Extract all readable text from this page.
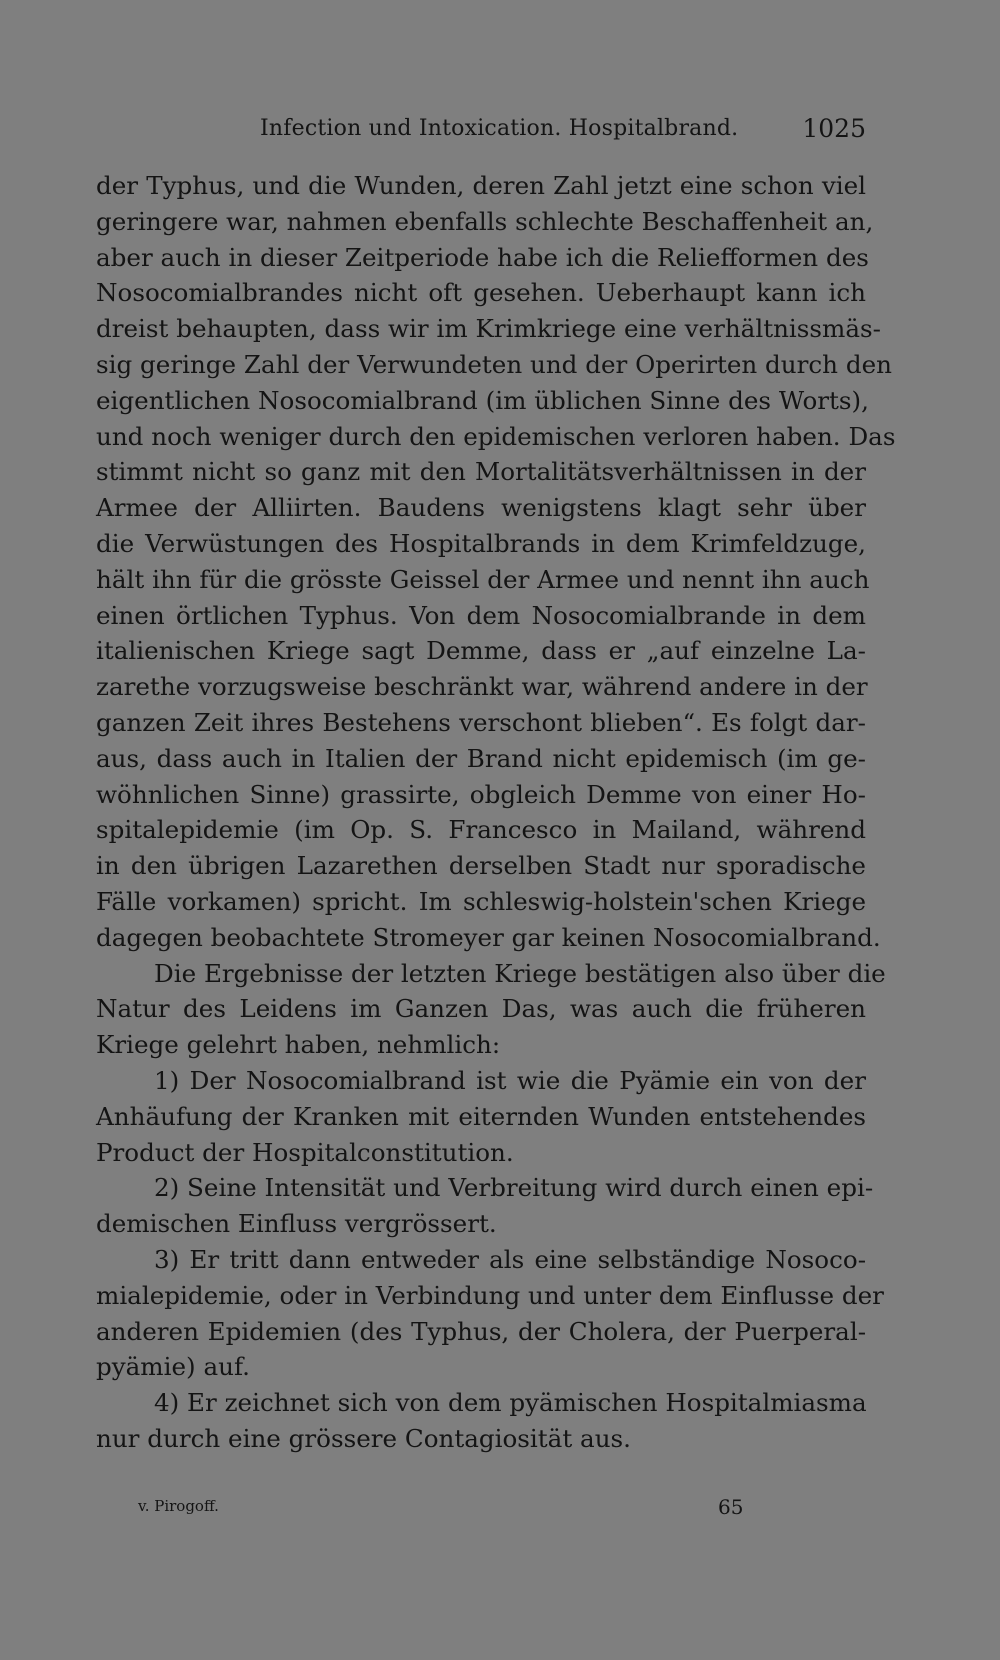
Infection und Intoxication. Hospitalbrand.	1025
der Typhus, und die Wunden, deren Zahl jetzt eine schon viel
geringere war, nahmen ebenfalls schlechte Beschaffenheit an,
aber auch in dieser Zeitperiode habe ich die Reliefformen des
Nosocomialbrandes nicht oft gesehen. Ueberhaupt kann ich
dreist behaupten, dass wir im Krimkriege eine verhältnissmäs-
sig geringe Zahl der Verwundeten und der Operirten durch den
eigentlichen Nosocomialbrand (im üblichen Sinne des Worts),
und noch weniger durch den epidemischen verloren haben. Das
stimmt nicht so ganz mit den Mortalitätsverhältnissen in der
Armee der Alliirten. Baudens wenigstens klagt sehr über
die Verwüstungen des Hospitalbrands in dem Krimfeldzuge,
hält ihn für die grösste Geissel der Armee und nennt ihn auch
einen örtlichen Typhus. Von dem Nosocomialbrande in dem
italienischen Kriege sagt Demme, dass er „auf einzelne La-
zarethe vorzugsweise beschränkt war, während andere in der
ganzen Zeit ihres Bestehens verschont blieben“. Es folgt dar-
aus, dass auch in Italien der Brand nicht epidemisch (im ge-
wöhnlichen Sinne) grassirte, obgleich Demme von einer Ho-
spitalepidemie (im Op. S. Francesco in Mailand, während
in den übrigen Lazarethen derselben Stadt nur sporadische
Fälle vorkamen) spricht. Im schleswig-holstein'schen Kriege
dagegen beobachtete Stromeyer gar keinen Nosocomialbrand.
Die Ergebnisse der letzten Kriege bestätigen also über die
Natur des Leidens im Ganzen Das, was auch die früheren
Kriege gelehrt haben, nehmlich:
1) Der Nosocomialbrand ist wie die Pyämie ein von der
Anhäufung der Kranken mit eiternden Wunden entstehendes
Product der Hospitalconstitution.
2) Seine Intensität und Verbreitung wird durch einen epi-
demischen Einfluss vergrössert.
3) Er tritt dann entweder als eine selbständige Nosoco-
mialepidemie, oder in Verbindung und unter dem Einflusse der
anderen Epidemien (des Typhus, der Cholera, der Puerperal-
pyämie) auf.
4) Er zeichnet sich von dem pyämischen Hospitalmiasma
nur durch eine grössere Contagiosität aus.
v. Pirogoff.	65
